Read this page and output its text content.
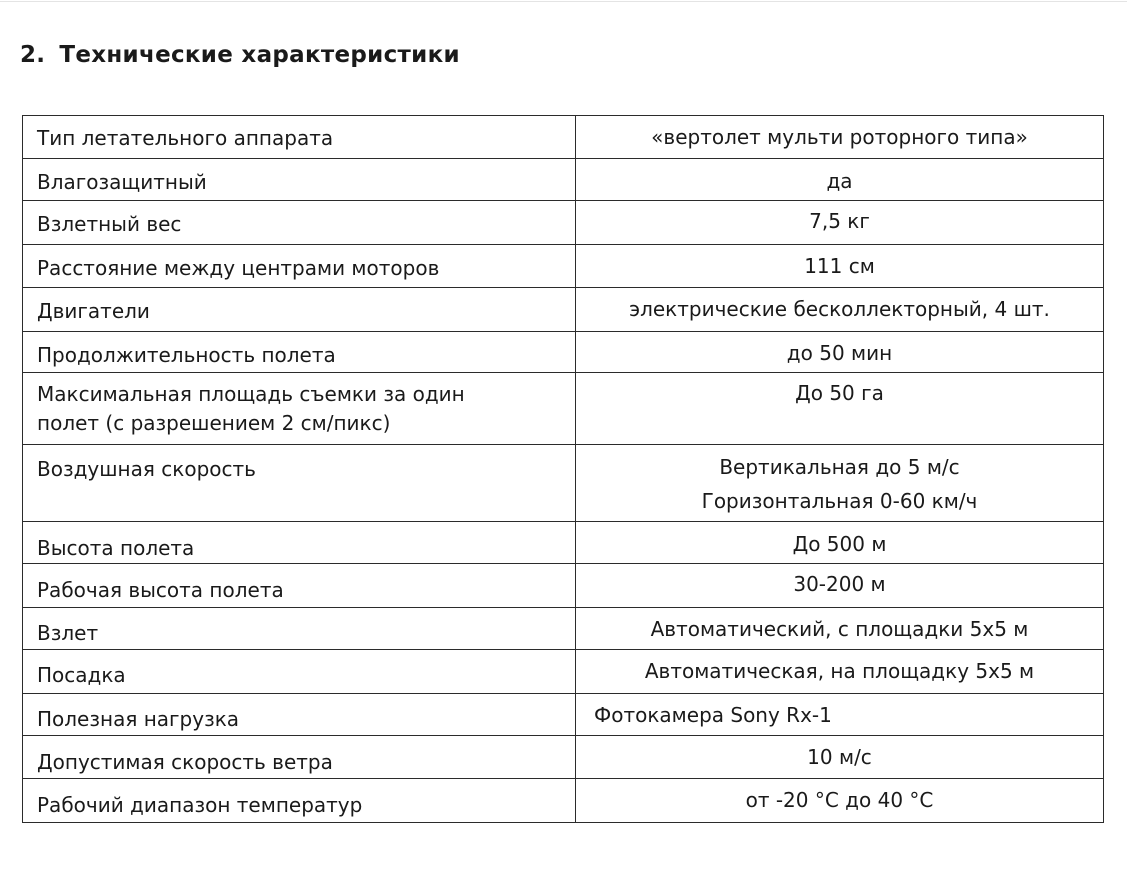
2. Технические характеристики
Тип летательного аппарата	«вертолет мульти роторного типа»

Влагозащитный	да

Взлетный вес	7,5 кг

Расстояние между центрами моторов	111 см

Двигатели	электрические бесколлекторный, 4 шт.

Продолжительность полета	до 50 мин

Максимальная площадь съемки за один
полет (с разрешением 2 см/пикс)	До 50 га

Воздушная скорость	Вертикальная до 5 м/с
Горизонтальная 0-60 км/ч

Высота полета	До 500 м

Рабочая высота полета	30-200 м

Взлет	Автоматический, с площадки 5x5 м

Посадка	Автоматическая, на площадку 5x5 м

Полезная нагрузка	Фотокамера Sony Rx-1

Допустимая скорость ветра	10 м/с

Рабочий диапазон температур	от -20 °С до 40 °С
